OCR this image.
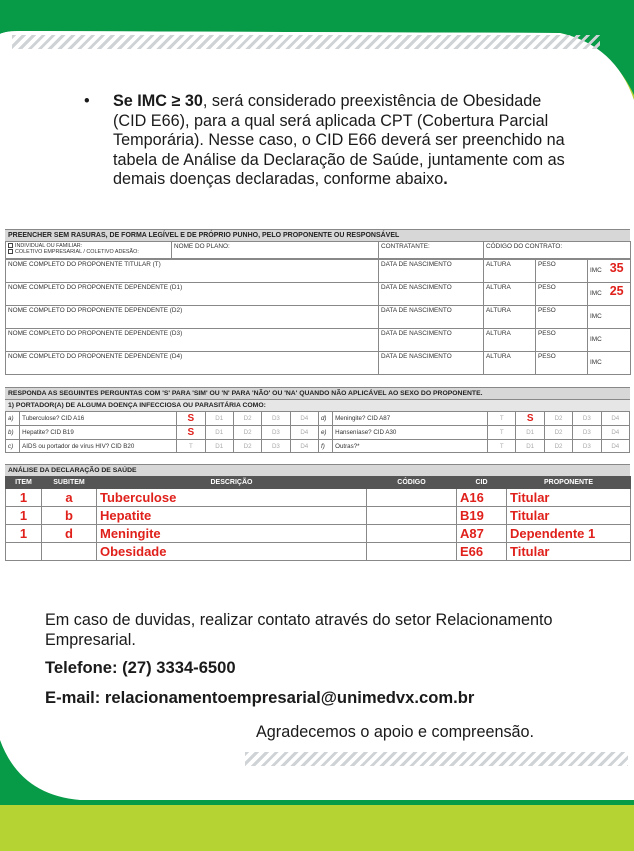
•	Se IMC ≥ 30, será considerado preexistência de Obesidade (CID E66), para a qual será aplicada CPT (Cobertura Parcial Temporária). Nesse caso, o CID E66 deverá ser preenchido na tabela de Análise da Declaração de Saúde, juntamente com as demais doenças declaradas, conforme abaixo.
PREENCHER SEM RASURAS, DE FORMA LEGÍVEL E DE PRÓPRIO PUNHO, PELO PROPONENTE OU RESPONSÁVEL
INDIVIDUAL OU FAMILIAR:
COLETIVO EMPRESARIAL / COLETIVO ADESÃO:
	NOME DO PLANO:	CONTRATANTE:	CÓDIGO DO CONTRATO:
NOME COMPLETO DO PROPONENTE TITULAR (T)	DATA DE NASCIMENTO	ALTURA	PESO	IMC 35
NOME COMPLETO DO PROPONENTE DEPENDENTE (D1)	DATA DE NASCIMENTO	ALTURA	PESO	IMC 25
NOME COMPLETO DO PROPONENTE DEPENDENTE (D2)	DATA DE NASCIMENTO	ALTURA	PESO	IMC
NOME COMPLETO DO PROPONENTE DEPENDENTE (D3)	DATA DE NASCIMENTO	ALTURA	PESO	IMC
NOME COMPLETO DO PROPONENTE DEPENDENTE (D4)	DATA DE NASCIMENTO	ALTURA	PESO	IMC
RESPONDA AS SEGUINTES PERGUNTAS COM 'S' PARA 'SIM' OU 'N' PARA 'NÃO' OU 'NA' QUANDO NÃO APLICÁVEL AO SEXO DO PROPONENTE.
1) PORTADOR(A) DE ALGUMA DOENÇA INFECCIOSA OU PARASITÁRIA COMO:
a)	Tuberculose? CID A16	S	D1	D2	D3	D4	d)	Meningite? CID A87	T	S	D2	D3	D4
b)	Hepatite? CID B19	S	D1	D2	D3	D4	e)	Hanseníase? CID A30	T	D1	D2	D3	D4
c)	AIDS ou portador de vírus HIV? CID B20	T	D1	D2	D3	D4	f)	Outras?*	T	D1	D2	D3	D4
ANÁLISE DA DECLARAÇÃO DE SAÚDE
ITEM	SUBITEM	DESCRIÇÃO	CÓDIGO	CID	PROPONENTE
1	a	Tuberculose		A16	Titular
1	b	Hepatite		B19	Titular
1	d	Meningite		A87	Dependente 1
		Obesidade		E66	Titular
Em caso de duvidas, realizar contato através do setor Relacionamento Empresarial.
Telefone: (27) 3334-6500
E-mail: relacionamentoempresarial@unimedvx.com.br
Agradecemos o apoio e compreensão.
